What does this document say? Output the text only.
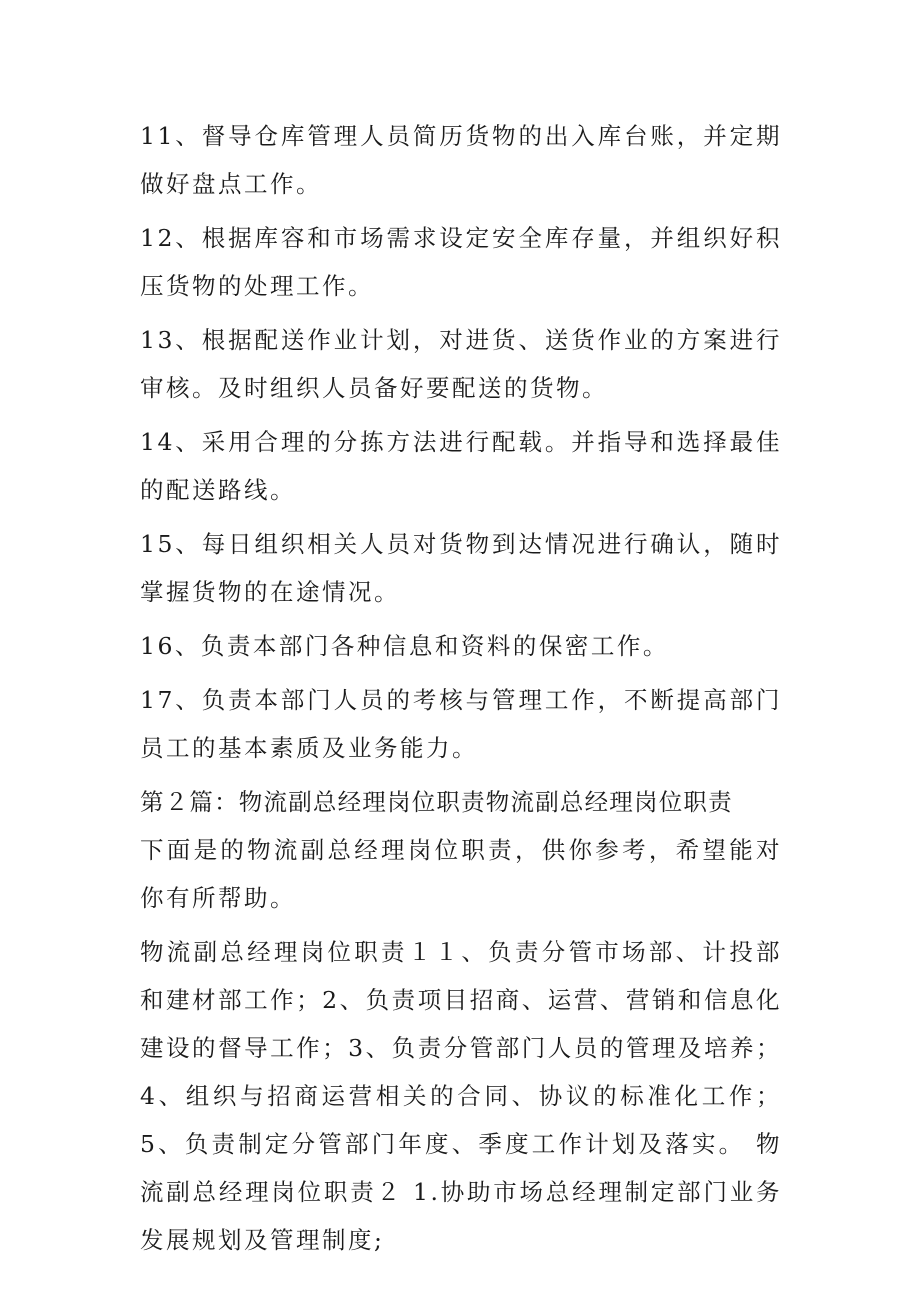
11、督导仓库管理人员简历货物的出入库台账，并定期做好盘点工作。

12、根据库容和市场需求设定安全库存量，并组织好积压货物的处理工作。

13、根据配送作业计划，对进货、送货作业的方案进行审核。及时组织人员备好要配送的货物。

14、采用合理的分拣方法进行配载。并指导和选择最佳的配送路线。

15、每日组织相关人员对货物到达情况进行确认，随时掌握货物的在途情况。

16、负责本部门各种信息和资料的保密工作。

17、负责本部门人员的考核与管理工作，不断提高部门员工的基本素质及业务能力。

第２篇：物流副总经理岗位职责物流副总经理岗位职责

下面是的物流副总经理岗位职责，供你参考，希望能对你有所帮助。

物流副总经理岗位职责１１、负责分管市场部、计投部和建材部工作；2、负责项目招商、运营、营销和信息化建设的督导工作；3、负责分管部门人员的管理及培养；4、组织与招商运营相关的合同、协议的标准化工作；5、负责制定分管部门年度、季度工作计划及落实。 物流副总经理岗位职责２ 1.协助市场总经理制定部门业务发展规划及管理制度;
